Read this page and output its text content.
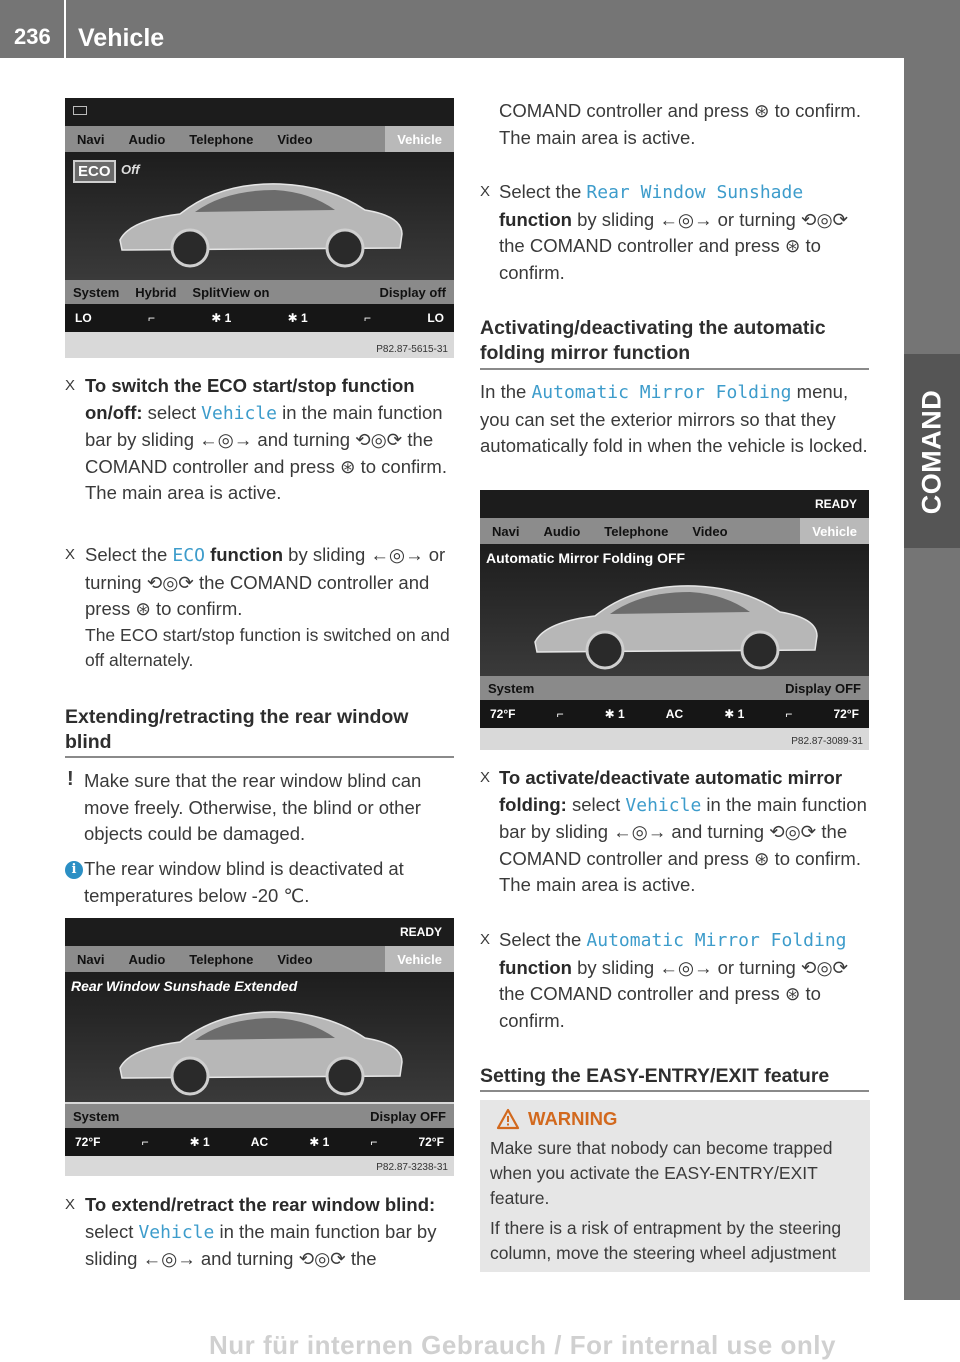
236 Vehicle
COMAND
Navi	Audio	Telephone	Video	Vehicle
ECO Off
System	Hybrid	SplitView on	Display off
LO	⌐	✱ 1	✱ 1	⌐	LO
P82.87-5615-31
X To switch the ECO start/stop function on/off: select Vehicle in the main function bar by sliding ←◎→ and turning ⟲◎⟳ the COMAND controller and press ⊛ to confirm.
The main area is active.
X Select the ECO function by sliding ←◎→ or turning ⟲◎⟳ the COMAND controller and press ⊛ to confirm.
The ECO start/stop function is switched on and off alternately.
Extending/retracting the rear window blind
! Make sure that the rear window blind can move freely. Otherwise, the blind or other objects could be damaged.
i The rear window blind is deactivated at temperatures below -20 ℃.
READY
Navi	Audio	Telephone	Video	Vehicle
Rear Window Sunshade Extended
System	Display OFF
72°F	⌐	✱ 1	AC	✱ 1	⌐	72°F
P82.87-3238-31
X To extend/retract the rear window blind: select Vehicle in the main function bar by sliding ←◎→ and turning ⟲◎⟳ the
COMAND controller and press ⊛ to confirm.
The main area is active.
X Select the Rear Window Sunshade function by sliding ←◎→ or turning ⟲◎⟳ the COMAND controller and press ⊛ to confirm.
Activating/deactivating the automatic folding mirror function
In the Automatic Mirror Folding menu, you can set the exterior mirrors so that they automatically fold in when the vehicle is locked.
READY
Navi	Audio	Telephone	Video	Vehicle
Automatic Mirror Folding OFF
System	Display OFF
72°F	⌐	✱ 1	AC	✱ 1	⌐	72°F
P82.87-3089-31
X To activate/deactivate automatic mirror folding: select Vehicle in the main function bar by sliding ←◎→ and turning ⟲◎⟳ the COMAND controller and press ⊛ to confirm.
The main area is active.
X Select the Automatic Mirror Folding function by sliding ←◎→ or turning ⟲◎⟳ the COMAND controller and press ⊛ to confirm.
Setting the EASY-ENTRY/EXIT feature
WARNING
Make sure that nobody can become trapped when you activate the EASY-ENTRY/EXIT feature.
If there is a risk of entrapment by the steering column, move the steering wheel adjustment
Nur für internen Gebrauch / For internal use only
